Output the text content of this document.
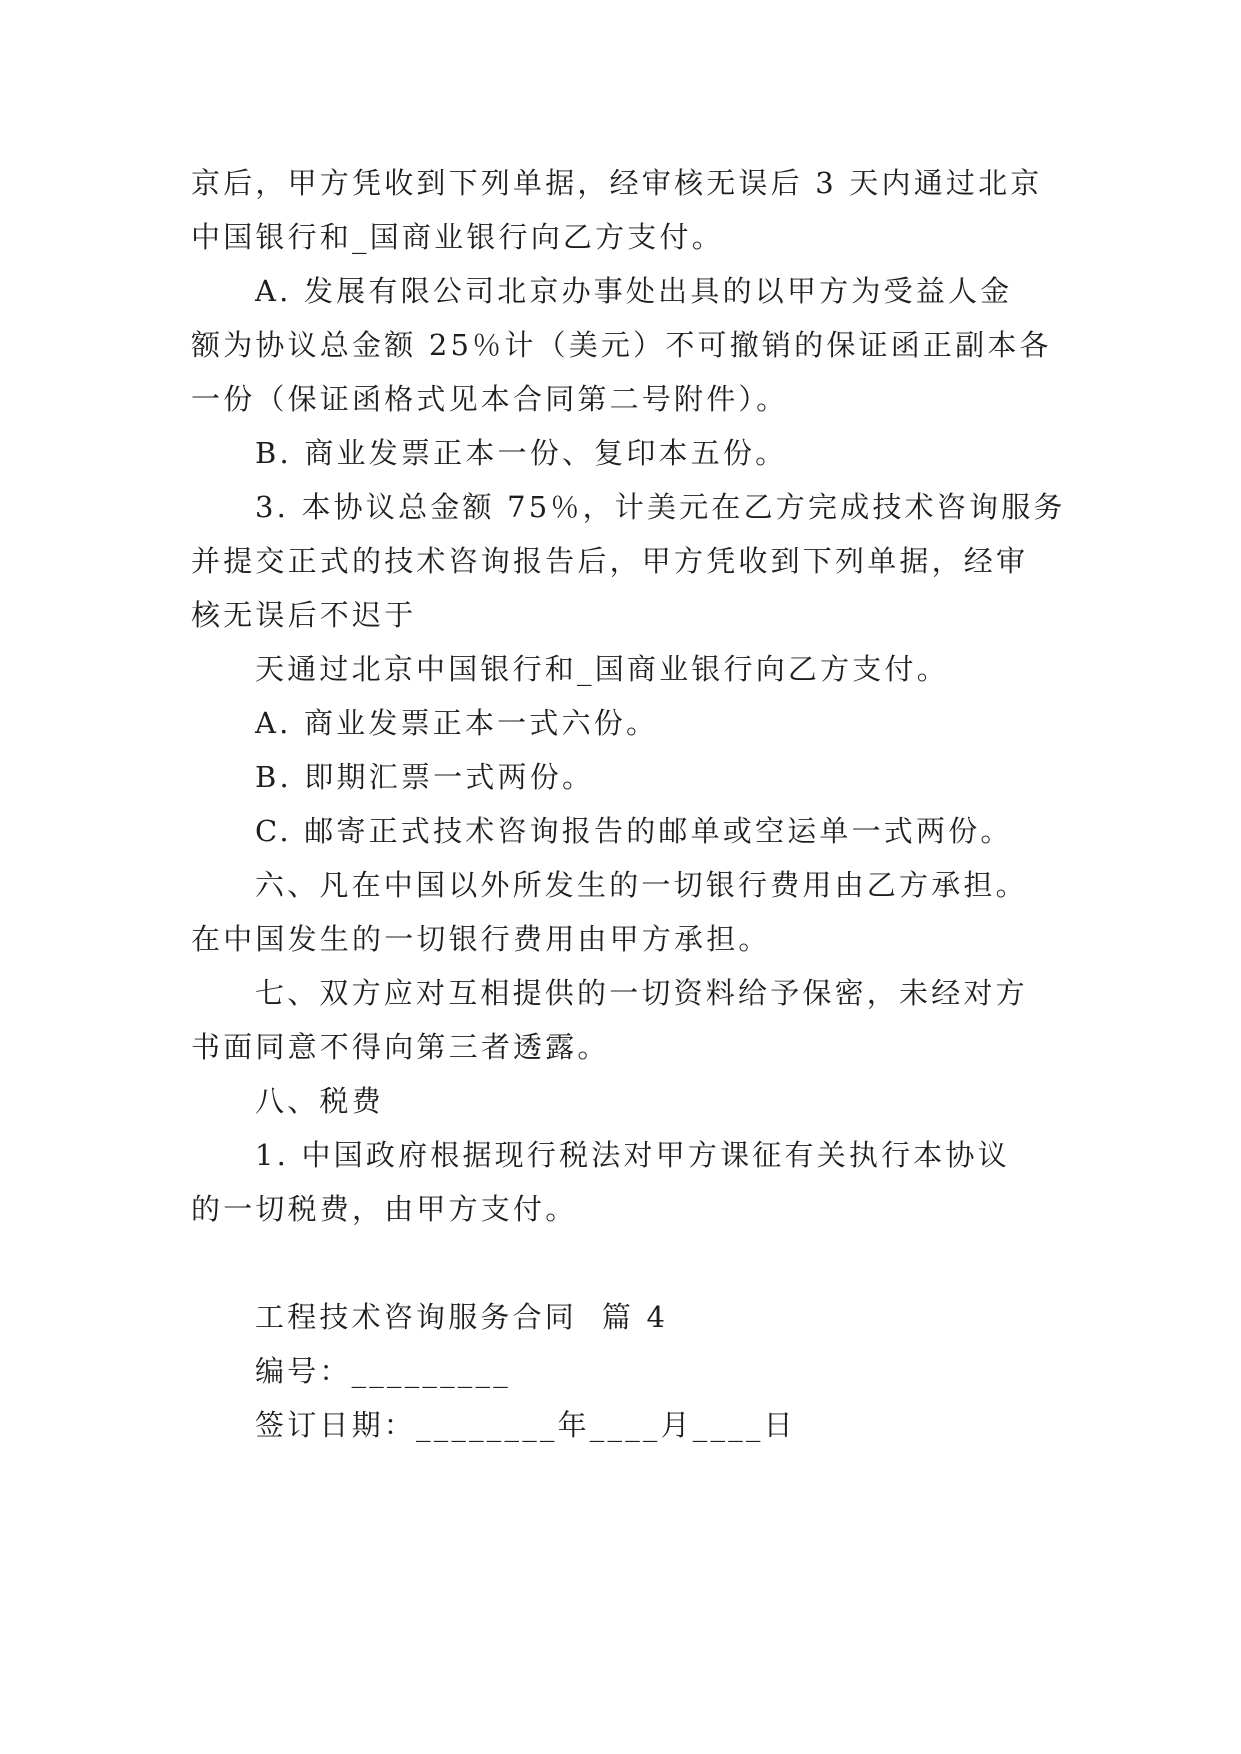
京后，甲方凭收到下列单据，经审核无误后 3 天内通过北京
中国银行和_国商业银行向乙方支付。
A. 发展有限公司北京办事处出具的以甲方为受益人金
额为协议总金额 25％计（美元）不可撤销的保证函正副本各
一份（保证函格式见本合同第二号附件）。
B. 商业发票正本一份、复印本五份。
3. 本协议总金额 75％，计美元在乙方完成技术咨询服务
并提交正式的技术咨询报告后，甲方凭收到下列单据，经审
核无误后不迟于
天通过北京中国银行和_国商业银行向乙方支付。
A. 商业发票正本一式六份。
B. 即期汇票一式两份。
C. 邮寄正式技术咨询报告的邮单或空运单一式两份。
六、凡在中国以外所发生的一切银行费用由乙方承担。
在中国发生的一切银行费用由甲方承担。
七、双方应对互相提供的一切资料给予保密，未经对方
书面同意不得向第三者透露。
八、税费
1. 中国政府根据现行税法对甲方课征有关执行本协议
的一切税费，由甲方支付。
工程技术咨询服务合同  篇 4
编号：_________
签订日期：________年____月____日
